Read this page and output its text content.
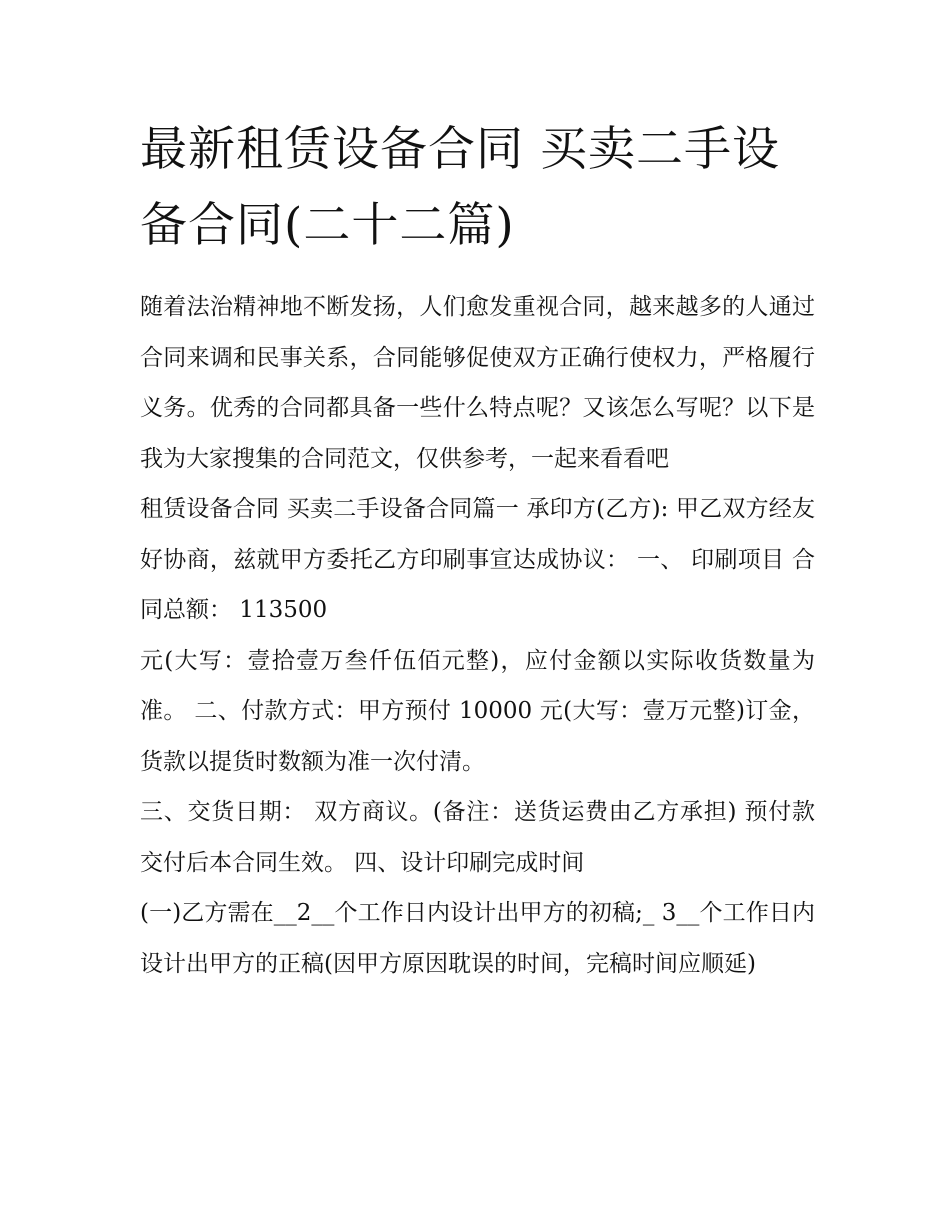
最新租赁设备合同 买卖二手设备合同(二十二篇)

随着法治精神地不断发扬，人们愈发重视合同，越来越多的人通过合同来调和民事关系，合同能够促使双方正确行使权力，严格履行义务。优秀的合同都具备一些什么特点呢？又该怎么写呢？以下是我为大家搜集的合同范文，仅供参考，一起来看看吧

租赁设备合同 买卖二手设备合同篇一 承印方(乙方): 甲乙双方经友好协商，兹就甲方委托乙方印刷事宣达成协议： 一、 印刷项目 合同总额： 113500

元(大写：壹拾壹万叁仟伍佰元整)，应付金额以实际收货数量为准。 二、付款方式：甲方预付 10000 元(大写：壹万元整)订金，货款以提货时数额为准一次付清。

三、交货日期： 双方商议。(备注：送货运费由乙方承担) 预付款交付后本合同生效。 四、设计印刷完成时间

(一)乙方需在__2__个工作日内设计出甲方的初稿;_ 3__个工作日内设计出甲方的正稿(因甲方原因耽误的时间，完稿时间应顺延)
